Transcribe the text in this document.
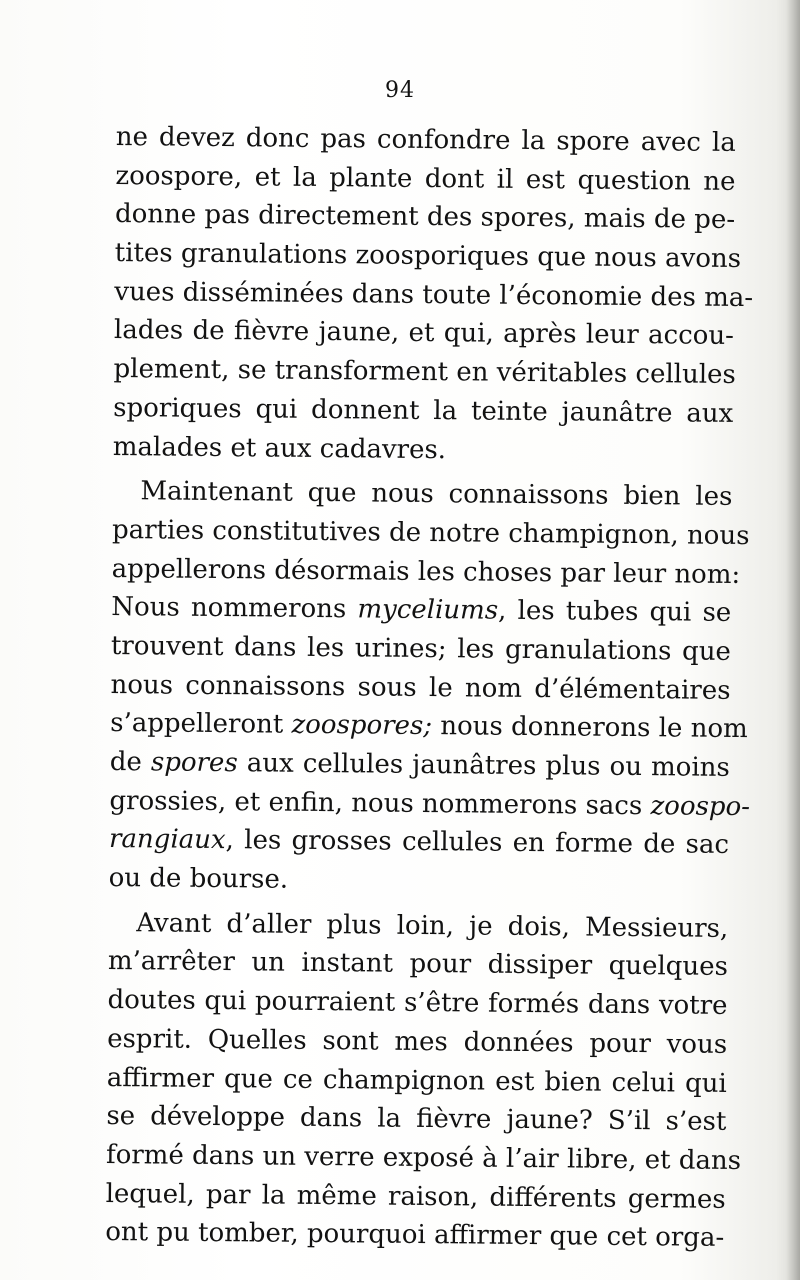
94
ne devez donc pas confondre la spore avec la
zoospore, et la plante dont il est question ne
donne pas directement des spores, mais de pe-
tites granulations zoosporiques que nous avons
vues disséminées dans toute l’économie des ma-
lades de fièvre jaune, et qui, après leur accou-
plement, se transforment en véritables cellules
sporiques qui donnent la teinte jaunâtre aux
malades et aux cadavres.
Maintenant que nous connaissons bien les
parties constitutives de notre champignon, nous
appellerons désormais les choses par leur nom:
Nous nommerons myceliums, les tubes qui se
trouvent dans les urines; les granulations que
nous connaissons sous le nom d’élémentaires
s’appelleront zoospores; nous donnerons le nom
de spores aux cellules jaunâtres plus ou moins
grossies, et enfin, nous nommerons sacs zoospo-
rangiaux, les grosses cellules en forme de sac
ou de bourse.
Avant d’aller plus loin, je dois, Messieurs,
m’arrêter un instant pour dissiper quelques
doutes qui pourraient s’être formés dans votre
esprit. Quelles sont mes données pour vous
affirmer que ce champignon est bien celui qui
se développe dans la fièvre jaune? S’il s’est
formé dans un verre exposé à l’air libre, et dans
lequel, par la même raison, différents germes
ont pu tomber, pourquoi affirmer que cet orga-
